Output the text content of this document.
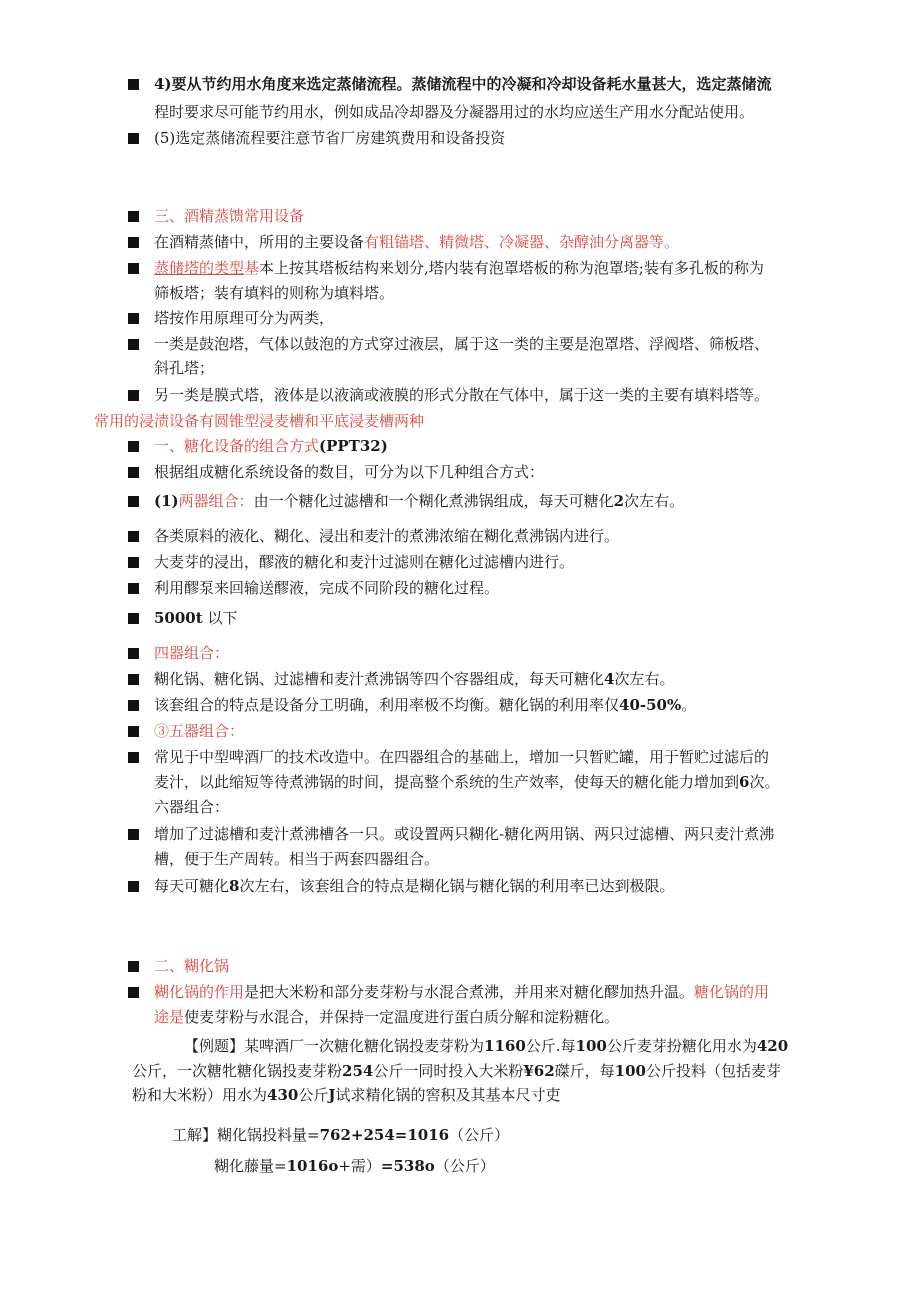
4)要从节约用水角度来选定蒸储流程。蒸储流程中的冷凝和冷却设备耗水量甚大，选定蒸储流
程时要求尽可能节约用水，例如成品冷却器及分凝器用过的水均应送生产用水分配站使用。
(5)选定蒸储流程要注意节省厂房建筑费用和设备投资
三、酒精蒸馈常用设备
在酒精蒸储中，所用的主要设备有粗锚塔、精微塔、冷凝器、杂醇油分离器等。
蒸储塔的类型基本上按其塔板结构来划分,塔内装有泡罩塔板的称为泡罩塔;装有多孔板的称为
筛板塔；装有填料的则称为填料塔。
塔按作用原理可分为两类，
一类是鼓泡塔，气体以鼓泡的方式穿过液层，属于这一类的主要是泡罩塔、浮阀塔、筛板塔、
斜孔塔；
另一类是膜式塔，液体是以液滴或液膜的形式分散在气体中，属于这一类的主要有填料塔等。
常用的浸渍设备有圆锥型浸麦槽和平底浸麦槽两种
一、糖化设备的组合方式(PPT32)
根据组成糖化系统设备的数目，可分为以下几种组合方式：
(1)两器组合：由一个糖化过滤槽和一个糊化煮沸锅组成，每天可糖化2次左右。
各类原料的液化、糊化、浸出和麦汁的煮沸浓缩在糊化煮沸锅内进行。
大麦芽的浸出，醪液的糖化和麦汁过滤则在糖化过滤槽内进行。
利用醪泵来回输送醪液，完成不同阶段的糖化过程。
5000t 以下
四器组合：
糊化锅、糖化锅、过滤槽和麦汁煮沸锅等四个容器组成，每天可糖化4次左右。
该套组合的特点是设备分工明确，利用率极不均衡。糖化锅的利用率仅40-50%。
③五器组合：
常见于中型啤酒厂的技术改造中。在四器组合的基础上，增加一只暂贮罐，用于暂贮过滤后的
麦汁，以此缩短等待煮沸锅的时间，提高整个系统的生产效率，使每天的糖化能力增加到6次。
六器组合：
增加了过滤槽和麦汁煮沸槽各一只。或设置两只糊化-糖化两用锅、两只过滤槽、两只麦汁煮沸
槽，便于生产周转。相当于两套四器组合。
每天可糖化8次左右，该套组合的特点是糊化锅与糖化锅的利用率已达到极限。
二、糊化锅
糊化锅的作用是把大米粉和部分麦芽粉与水混合煮沸，并用来对糖化醪加热升温。糖化锅的用
途是使麦芽粉与水混合，并保持一定温度进行蛋白质分解和淀粉糖化。
【例题】某啤酒厂一次糖化糖化锅投麦芽粉为1160公斤.每100公斤麦芽扮糖化用水为420
公斤，一次糖牝糖化锅投麦芽粉254公斤一同时投入大米粉¥62磔斤，每100公斤投料（包括麦芽
粉和大米粉）用水为430公斤J试求精化锅的窖积及其基本尺寸吏
工解】糊化锅投料量=762+254=1016（公斤）
糊化藤量=1016o+需）=538o（公斤）
